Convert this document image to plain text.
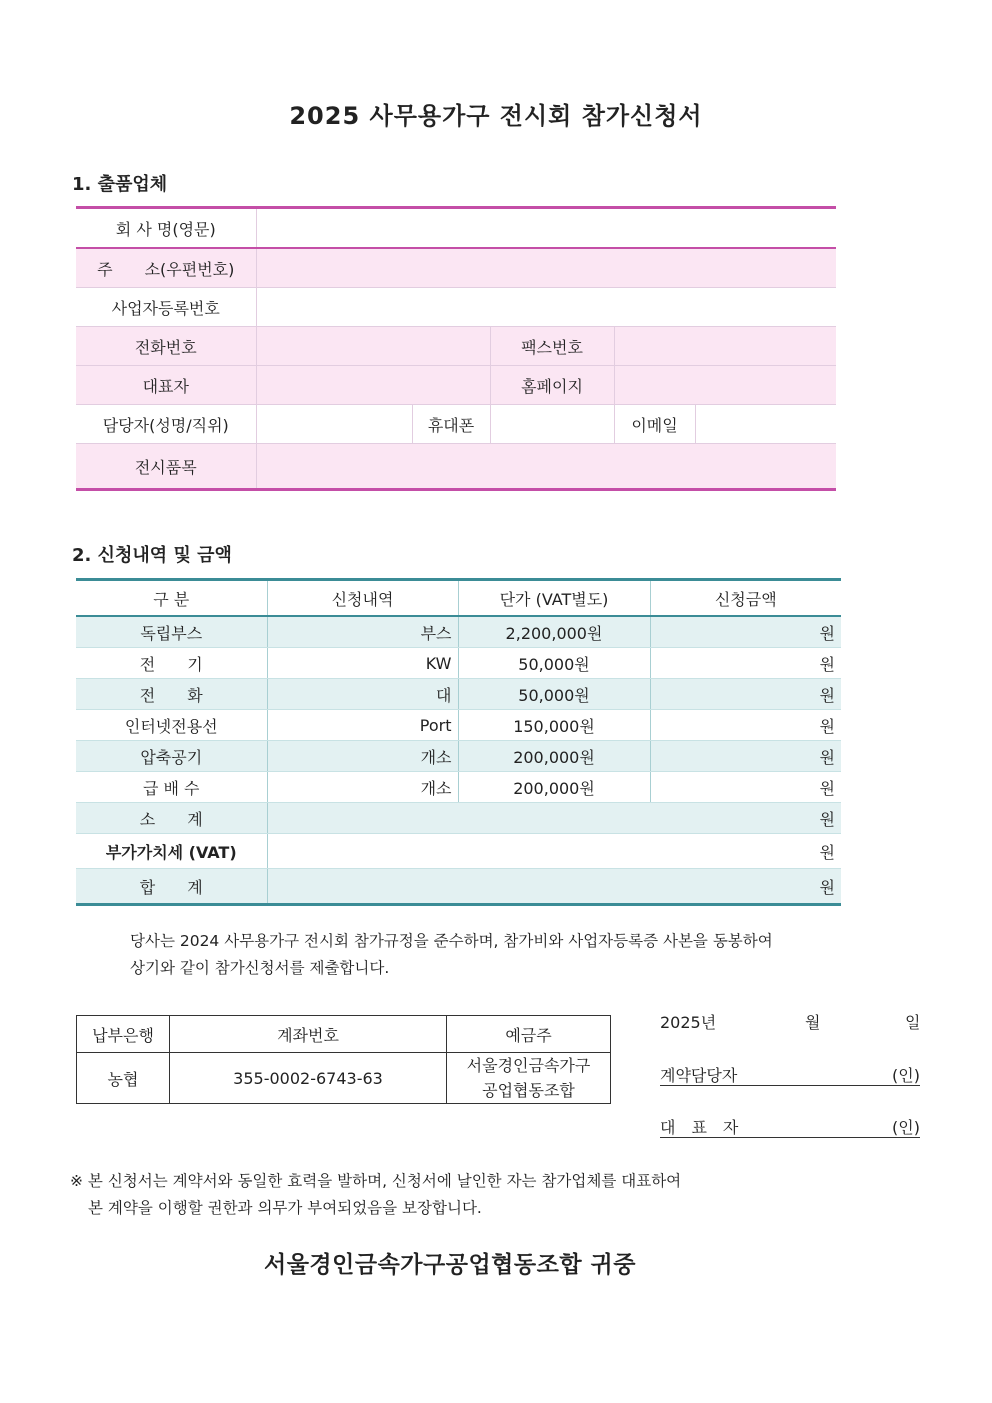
2025 사무용가구 전시회 참가신청서
1. 출품업체
회 사 명(영문)					
주　　소(우편번호)					
사업자등록번호					
전화번호			팩스번호		
대표자			홈페이지		
담당자(성명/직위)		휴대폰		이메일	
전시품목					
2. 신청내역 및 금액
구 분	신청내역	단가 (VAT별도)	신청금액
독립부스	부스	2,200,000원	원
전　　기	KW	50,000원	원
전　　화	대	50,000원	원
인터넷전용선	Port	150,000원	원
압축공기	개소	200,000원	원
급 배 수	개소	200,000원	원
소　　계	원		
부가가치세 (VAT)	원		
합　　계	원		
당사는 2024 사무용가구 전시회 참가규정을 준수하며, 참가비와 사업자등록증 사본을 동봉하여
상기와 같이 참가신청서를 제출합니다.
납부은행	계좌번호	예금주
농협	355-0002-6743-63	서울경인금속가구
공업협동조합
2025년	월	일
계약담당자	(인)
대　표　자	(인)
※ 본 신청서는 계약서와 동일한 효력을 발하며, 신청서에 날인한 자는 참가업체를 대표하여
본 계약을 이행할 권한과 의무가 부여되었음을 보장합니다.
서울경인금속가구공업협동조합 귀중
